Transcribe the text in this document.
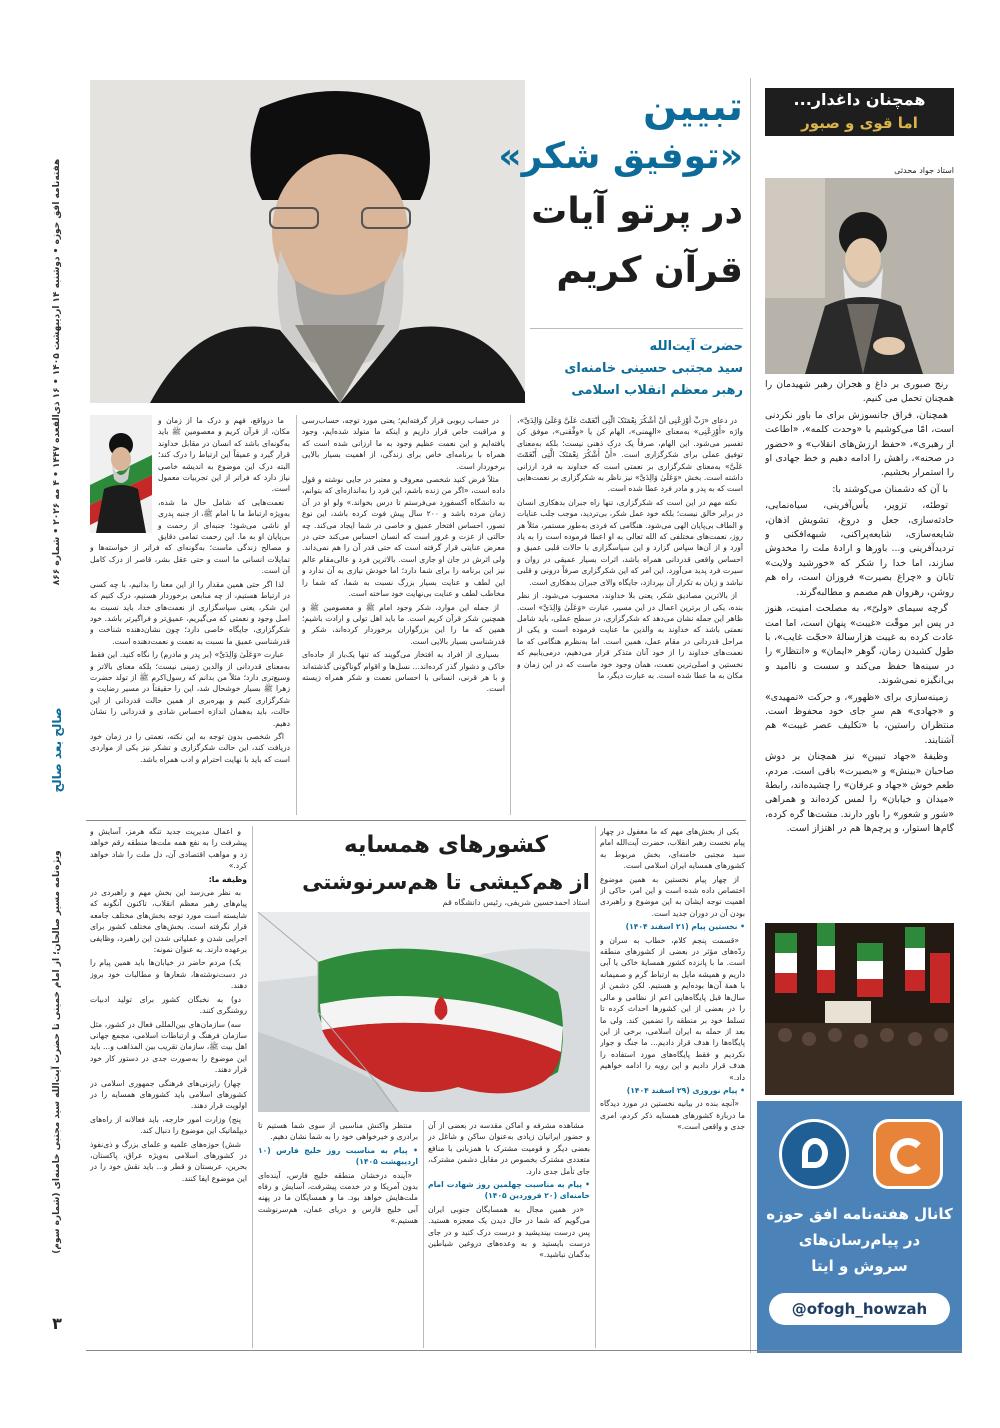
هفته‌نامه افق حوزه • دوشنبه ۱۴ اردیبهشت ۱۴۰۵ • ۱۶ ذی‌القعده ۱۴۴۷ • ۴ مه ۲۰۲۶ • شماره ۸۶۶
صالح بعد صالح
ویژه‌نامه مسیر صالحان؛ از امام خمینی تا حضرت آیت‌الله سید مجتبی خامنه‌ای (شماره سوم)
۳
همچنان داغدار...
اما قوی و صبور
استاد جواد محدثی

رنج صبوری بر داغ و هجران رهبر شهیدمان را همچنان تحمل می کنیم.

همچنان، فراق جانسوزش برای ما باور نکردنی است، امّا می‌کوشیم با «وحدت کلمه»، «اطاعت از رهبری»، «حفظ ارزش‌های انقلاب» و «حضور در صحنه»، راهش را ادامه دهیم و خط جهادی او را استمرار بخشیم.

با آن که دشمنان می‌کوشند با:

توطئه، تزویر، یأس‌آفرینی، سیاه‌نمایی، حادثه‌سازی، جعل و دروغ، تشویش اذهان، شایعه‌سازی، شایعه‌پراکنی، شبهه‌افکنی و تردیدآفرینی و... باورها و ارادهٔ ملت را مخدوش سازند، اما خدا را شکر که «خورشید ولایت» تابان و «چراغ بصیرت» فروزان است، راه هم روشن، رهروان هم مصمم و مطالبه‌گرند.

گرچه سیمای «ولیّ»، به مصلحت امنیت، هنوز در پس ابر موقّت «غیبت» پنهان است، اما امت عادت کرده به غیبت هزارسالهٔ «حجّت غایب»، با طول کشیدن زمان، گوهر «ایمان» و «انتظار» را در سینه‌ها حفظ می‌کند و سست و ناامید و بی‌انگیزه نمی‌شوند.

زمینه‌سازی برای «ظهور»، و حرکت «تمهیدی» و «جهادی» هم سرِ جای خود محفوظ است. منتظران راستین، با «تکلیف عصر غیبت» هم آشنایند.

وظیفهٔ «جهاد تبیین» نیز همچنان بر دوش صاحبان «بینش» و «بصیرت» باقی است. مردم، طعم خوش «جهاد و عرفان» را چشیده‌اند، رابطهٔ «میدان و خیابان» را لمس کرده‌اند و همراهی «شور و شعور» را باور دارند. مشت‌ها گره کرده، گام‌ها استوار، و پرچم‌ها هم در اهتزاز است.

کانال هفته‌نامه افق حوزه
در پیام‌رسان‌های
سروش و ایتا
@ofogh_howzah
تبیین
«توفیق شکر»
در پرتو آیات
قرآن کریم
حضرت آیت‌الله
سید مجتبی حسینی خامنه‌ای
رهبر معظم انقلاب اسلامی

در دعای «رَبِّ أَوْزِعْنِی أَنْ أَشْکُرَ نِعْمَتَکَ الَّتِی أَنْعَمْتَ عَلَیَّ وَعَلَیٰ وَالِدَیَّ»، واژه «أَوْزِعْنِی» به‌معنای «الهِمنی»، الهام کن یا «وفِّقنی»، موفق کن تفسیر می‌شود. این الهام، صرفاً یک درک ذهنی نیست؛ بلکه به‌معنای توفیق عملی برای شکرگزاری است. «أَنْ أَشْکُرَ نِعْمَتَکَ الَّتِی أَنْعَمْتَ عَلَیَّ» به‌معنای شکرگزاری بر نعمتی است که خداوند به فرد ارزانی داشته است. بخش «وَعَلَیٰ وَالِدَیَّ» نیز ناظر به شکرگزاری بر نعمت‌هایی است که به پدر و مادر فرد عطا شده است.

نکته مهم در این است که شکرگزاری، تنها راه جبران بدهکاری انسان در برابر خالق نیست؛ بلکه خود عمل شکر، بی‌تردید، موجب جلب عنایات و الطاف بی‌پایان الهی می‌شود. هنگامی که فردی به‌طور مستمر، مثلاً هر روز، نعمت‌های مختلفی که الله تعالی به او اعطا فرموده است را به یاد آورد و از آن‌ها سپاس گزارد و این سپاسگزاری با حالات قلبی عمیق و احساس واقعی قدردانی همراه باشد، اثرات بسیار عمیقی در روان و سیرت فرد پدید می‌آورد. این امر که این شکرگزاری صرفاً درونی و قلبی نباشد و زبان به تکرار آن بپردازد، جایگاه والای جبران بدهکاری است.

از بالاترین مصادیق شکر، یعنی بلا خداوند، محسوب می‌شود. از نظر بنده، یکی از برترین اعمال در این مسیر، عبارت «وَعَلَیٰ وَالِدَیَّ» است. ظاهر این جمله نشان می‌دهد که شکرگزاری، در سطح عملی، باید شامل نعمتی باشد که خداوند به والدین ما عنایت فرموده است و یکی از مراحل قدردانی در مقام عمل، همین است. اما به‌نظرم هنگامی که ما نعمت‌های خداوند را از خود آنان متذکر قرار می‌دهیم، درمی‌یابیم که نخستین و اصلی‌ترین نعمت، همان وجود خود ماست که در این زمان و مکان به ما عطا شده است. به عبارت دیگر، ما

در حساب ربوبی قرار گرفته‌ایم؛ یعنی مورد توجه، حساب‌رسی و مراقبت خاص قرار داریم و اینکه ما متولد شده‌ایم، وجود یافته‌ایم و این نعمت عظیم وجود به ما ارزانی شده است که همراه با برنامه‌ای خاص برای زندگی، از اهمیت بسیار بالایی برخوردار است.

مثلاً فرض کنید شخصی معروف و معتبر در جایی نوشته و قول داده است، «اگر من زنده باشم، این فرد را به‌اندازه‌ای که بتوانم، به دانشگاه آکسفورد می‌فرستم تا درس بخواند.» ولو او در آن زمان مرده باشد و ۲۰۰ سال پیش فوت کرده باشد، این نوع تصور، احساس افتخار عمیق و خاصی در شما ایجاد می‌کند. چه حالتی از عزت و غرور است که انسان احساس می‌کند حتی در معرض عنایتی قرار گرفته است که حتی قدر آن را هم نمی‌داند. ولی اثرش در جان او جاری است. بالاترین فرد و عالی‌مقام عالم نیز این برنامه را برای شما دارد؛ اما خودش نیازی به آن ندارد و این لطف و عنایت بسیار بزرگ نسبت به شما، که شما را مخاطب لطف و عنایت بی‌نهایت خود ساخته است.

از جمله این موارد، شکر وجود امام ﷺ و معصومین ﷺ و همچنین شکر قرآن کریم است. ما باید اهل تولی و ارادت باشیم؛ همین که ما را این بزرگواران برخوردار کرده‌اند، شکر و قدرشناسی بسیار بالایی است.

بسیاری از افراد به افتخار می‌گویند که تنها یک‌بار از جاده‌ای خاکی و دشوار گذر کرده‌اند... نسل‌ها و اقوام گوناگونی گذشته‌اند و با هر قرنی، انسانی با احساس نعمت و شکر همراه زیسته است.

ما درواقع، فهم و درک ما از زمان و مکان، از قرآن کریم و معصومین ﷺ باید به‌گونه‌ای باشد که انسان در مقابل خداوند قرار گیرد و عمیقاً این ارتباط را درک کند؛ البته درک این موضوع به اندیشه خاصی نیاز دارد که فراتر از این تجربیات معمول است.

نعمت‌هایی که شامل حال ما شده، به‌ویژه ارتباط ما با امام ﷺ، از جنبه پدری او ناشی می‌شود؛ جنبه‌ای از رحمت و بی‌پایان او به ما. این رحمت تمامی دقایق و مصالح زندگی ماست؛ به‌گونه‌ای که فراتر از خواسته‌ها و تمایلات انسانی ما است و حتی عقل بشر، قاصر از درک کامل آن است.

لذا اگر حتی همین مقدار را از این معنا را بدانیم، با چه کسی در ارتباط هستیم، از چه منابعی برخوردار هستیم، درک کنیم که این شکر، یعنی سپاسگزاری از نعمت‌های خدا، باید نسبت به اصل وجود و نعمتی که می‌گیریم، عمیق‌تر و فراگیرتر باشد. خود شکرگزاری، جایگاه خاصی دارد؛ چون نشان‌دهنده شناخت و قدرشناسی عمیق ما نسبت به نعمت و نعمت‌دهنده است.

عبارت «وَعَلَیٰ وَالِدَیَّ» (بر پدر و مادرم) را نگاه کنید. این فقط به‌معنای قدردانی از والدین زمینی نیست؛ بلکه معنای بالاتر و وسیع‌تری دارد؛ مثلاً من بدانم که رسول‌اکرم ﷺ از تولد حضرت زهرا ﷺ بسیار خوشحال شد، این را حقیقتاً در مسیر رضایت و شکرگزاری کنیم و بهره‌بری از همین حالت قدردانی از این حالت، باید به‌همان اندازه احساس شادی و قدردانی را نشان دهیم.

اگر شخصی بدون توجه به این نکته، نعمتی را در زمان خود دریافت کند، این حالت شکرگزاری و تشکر نیز یکی از مواردی است که باید با نهایت احترام و ادب همراه باشد.

کشورهای همسایه
از هم‌کیشی تا هم‌سرنوشتی
استاد احمدحسین شریفی، رئیس دانشگاه قم

منتظر واکنش مناسبی از سوی شما هستیم تا برادری و خیرخواهی خود را به شما نشان دهیم.

• پیام به مناسبت روز خلیج فارس (۱۰ اردیبهشت ۱۴۰۵)

«آینده درخشان منطقه خلیج فارس، آینده‌ای بدون آمریکا و در خدمت پیشرفت، آسایش و رفاه ملت‌هایش خواهد بود. ما و همسایگان ما در پهنه آبی خلیج فارس و دریای عمان، هم‌سرنوشت هستیم.»

مشاهده مشرفه و اماکن مقدسه در بعضی از آن و حضور ایرانیان زیادی به‌عنوان ساکن و شاغل در بعضی دیگر و قومیت مشترک با همزبانی با منافع متعددی مشترک بخصوص در مقابل دشمن مشترک، جای تأمل جدی دارد.

• پیام به مناسبت چهلمین روز شهادت امام خامنه‌ای (۲۰ فروردین ۱۴۰۵)

«در همین مجال به همسایگان جنوبی ایران می‌گویم که شما در حال دیدن یک معجزه هستید. پس درست بیندیشید و درست درک کنید و در جای درست بایستید و به وعده‌های دروغین شیاطین بدگمان نباشید.»

یکی از بخش‌های مهم که ما مغفول در چهار پیام نخست رهبر انقلاب، حضرت آیت‌الله امام سید مجتبی خامنه‌ای، بخش مربوط به کشورهای همسایه ایران اسلامی است.

از چهار پیام نخستین به همین موضوع اختصاص داده شده است و این امر، حاکی از اهمیت توجه ایشان به این موضوع و راهبردی بودن آن در دوران جدید است.

• نخستین پیام (۲۱ اسفند ۱۴۰۴)

«قسمت پنجم کلام، خطاب به سران و ردّه‌های مؤثر در بعضی از کشورهای منطقه است. ما با پانزده کشور همسایهٔ خاکی یا آبی داریم و همیشه مایل به ارتباط گرم و صمیمانه با همهٔ آن‌ها بوده‌ایم و هستیم. لکن دشمن از سال‌ها قبل پایگاه‌هایی اعم از نظامی و مالی را در بعضی از این کشورها احداث کرده تا تسلط خود بر منطقه را تضمین کند. ولی ما بعد از حمله به ایران اسلامی، برخی از این پایگاه‌ها را هدف قرار دادیم... ما جنگ و جوار نکردیم و فقط پایگاه‌های مورد استفاده را هدف قرار دادیم و این رویه را ادامه خواهیم داد.»

• پیام نوروزی (۲۹ اسفند ۱۴۰۴)

«آنچه بنده در بیانیه نخستین در مورد دیدگاه ما دربارهٔ کشورهای همسایه ذکر کردم، امری جدی و واقعی است.»

و اعمال مدیریت جدید تنگه هرمز، آسایش و پیشرفت را به نفع همه ملت‌ها منطقه رقم خواهد زد و مواهب اقتصادی آن، دل ملت را شاد خواهد کرد.»

وظیفه ما:

به نظر می‌رسد این بخش مهم و راهبردی در پیام‌های رهبر معظم انقلاب، تاکنون آنگونه که شایسته است مورد توجه بخش‌های مختلف جامعه قرار نگرفته است. بخش‌های مختلف کشور برای اجرایی شدن و عملیاتی شدن این راهبرد، وظایفی برعهده دارند. به عنوان نمونه:

یک) مردم حاضر در خیابان‌ها باید همین پیام را در دست‌نوشته‌ها، شعارها و مطالبات خود بروز دهند.

دو) به نخبگان کشور برای تولید ادبیات روشنگری کنند.

سه) سازمان‌های بین‌المللی فعال در کشور، مثل سازمان فرهنگ و ارتباطات اسلامی، مجمع جهانی اهل بیت ﷺ، سازمان تقریب بین المذاهب و... باید این موضوع را به‌صورت جدی در دستور کار خود قرار دهند.

چهار) رایزنی‌های فرهنگی جمهوری اسلامی در کشورهای اسلامی باید کشورهای همسایه را در اولویت قرار دهند.

پنج) وزارت امور خارجه، باید فعالانه از راه‌های دیپلماتیک این موضوع را دنبال کند.

شش) حوزه‌های علمیه و علمای بزرگ و ذی‌نفوذ در کشورهای اسلامی به‌ویژه عراق، پاکستان، بحرین، عربستان و قطر و... باید نقش خود را در این موضوع ایفا کنند.
